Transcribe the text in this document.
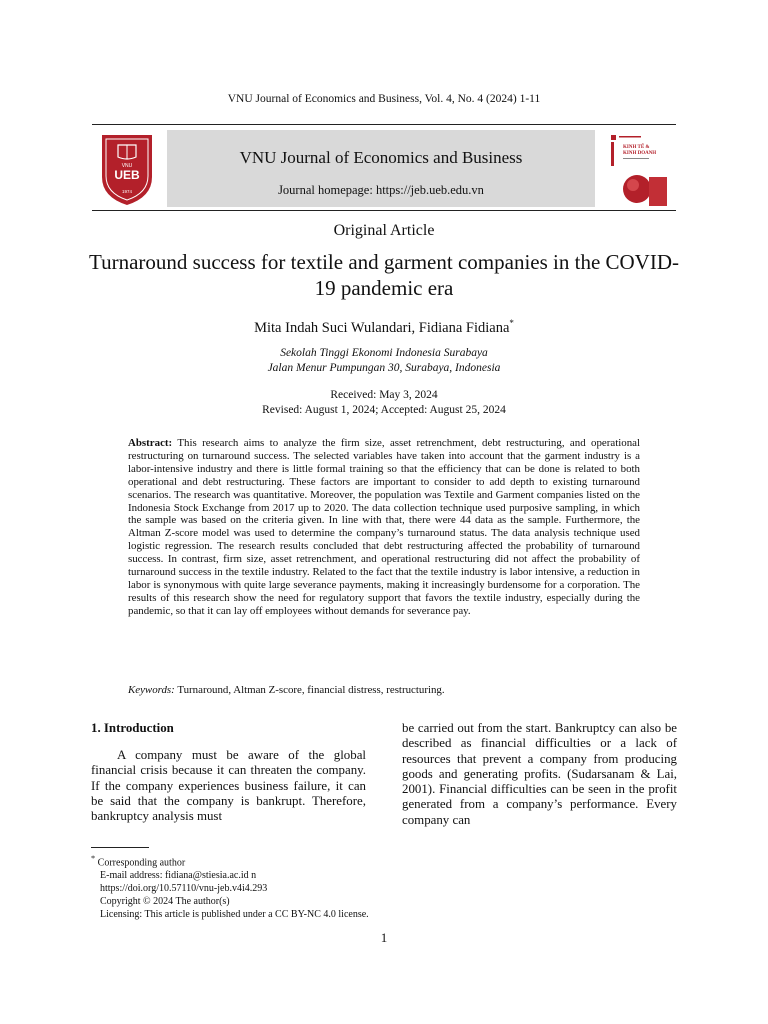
VNU Journal of Economics and Business, Vol. 4, No. 4 (2024) 1-11
VNU
UEB
1974
VNU Journal of Economics and Business
Journal homepage: https://jeb.ueb.edu.vn
KINH TẾ &
KINH DOANH
Original Article
Turnaround success for textile and garment companies in the COVID-19 pandemic era
Mita Indah Suci Wulandari, Fidiana Fidiana*
Sekolah Tinggi Ekonomi Indonesia Surabaya
Jalan Menur Pumpungan 30, Surabaya, Indonesia
Received: May 3, 2024
Revised: August 1, 2024; Accepted: August 25, 2024
Abstract: This research aims to analyze the firm size, asset retrenchment, debt restructuring, and operational restructuring on turnaround success. The selected variables have taken into account that the garment industry is a labor-intensive industry and there is little formal training so that the efficiency that can be done is related to both operational and debt restructuring. These factors are important to consider to add depth to existing turnaround scenarios. The research was quantitative. Moreover, the population was Textile and Garment companies listed on the Indonesia Stock Exchange from 2017 up to 2020. The data collection technique used purposive sampling, in which the sample was based on the criteria given. In line with that, there were 44 data as the sample. Furthermore, the Altman Z-score model was used to determine the company’s turnaround status. The data analysis technique used logistic regression. The research results concluded that debt restructuring affected the probability of turnaround success. In contrast, firm size, asset retrenchment, and operational restructuring did not affect the probability of turnaround success in the textile industry. Related to the fact that the textile industry is labor intensive, a reduction in labor is synonymous with quite large severance payments, making it increasingly burdensome for a corporation. The results of this research show the need for regulatory support that favors the textile industry, especially during the pandemic, so that it can lay off employees without demands for severance pay.
Keywords: Turnaround, Altman Z-score, financial distress, restructuring.
1. Introduction

A company must be aware of the global financial crisis because it can threaten the company. If the company experiences business failure, it can be said that the company is bankrupt. Therefore, bankruptcy analysis must

be carried out from the start. Bankruptcy can also be described as financial difficulties or a lack of resources that prevent a company from producing goods and generating profits. (Sudarsanam & Lai, 2001). Financial difficulties can be seen in the profit generated from a company’s performance. Every company can

* Corresponding author
E-mail address: fidiana@stiesia.ac.id n
https://doi.org/10.57110/vnu-jeb.v4i4.293
Copyright © 2024 The author(s)
Licensing: This article is published under a CC BY-NC 4.0 license.
1
